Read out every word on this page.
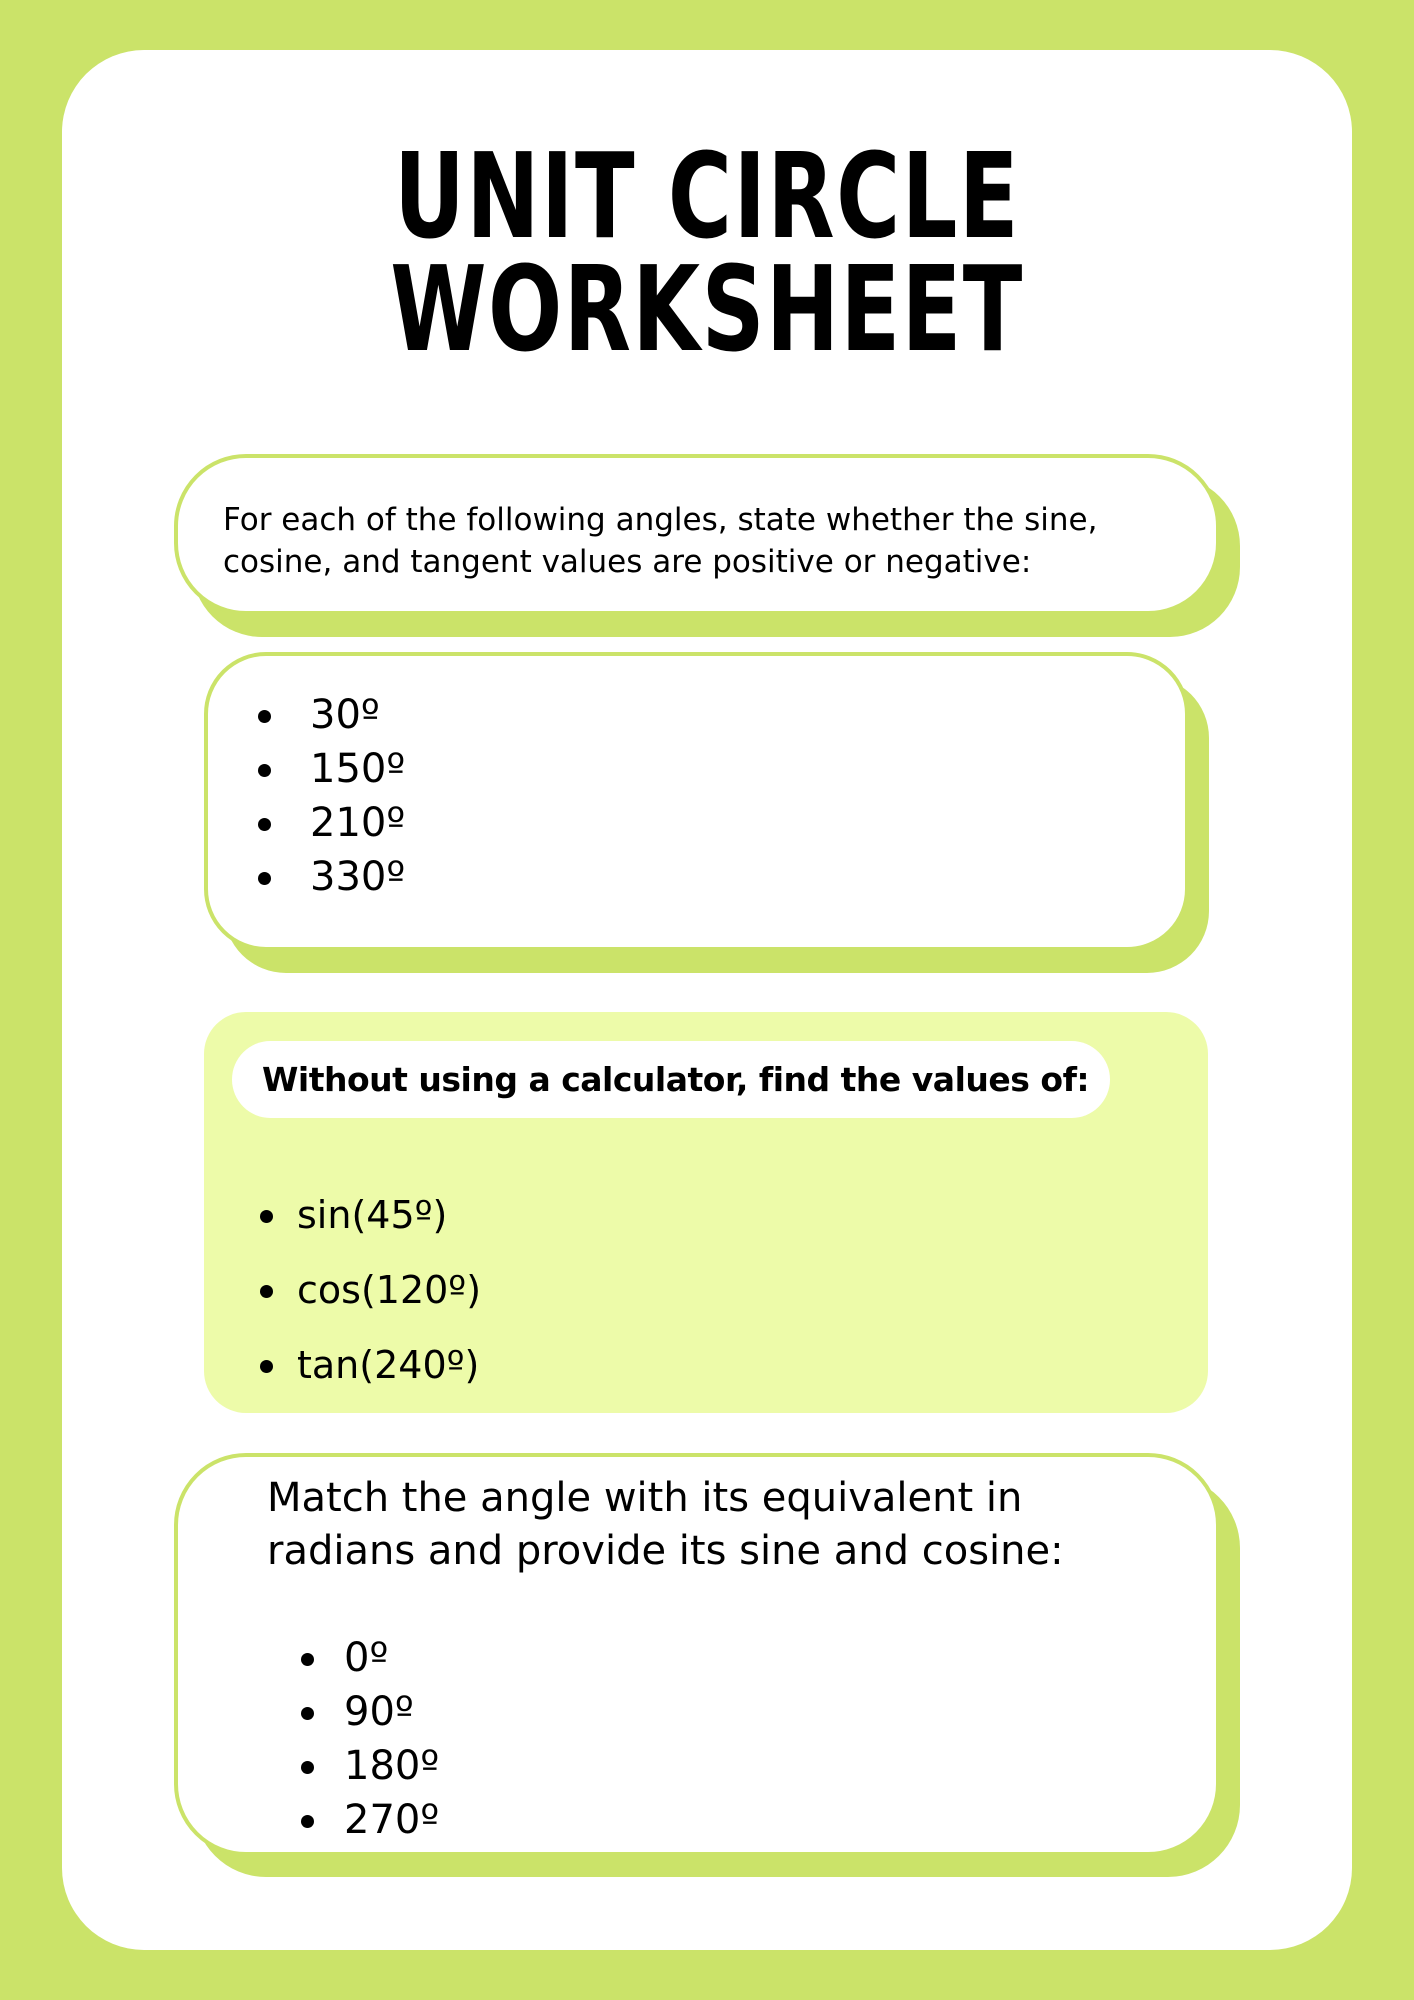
UNIT CIRCLE
WORKSHEET
For each of the following angles, state whether the sine,
cosine, and tangent values are positive or negative:
30º
150º
210º
330º
Without using a calculator, find the values of:
sin(45º)
cos(120º)
tan(240º)
Match the angle with its equivalent in
radians and provide its sine and cosine:
0º
90º
180º
270º
